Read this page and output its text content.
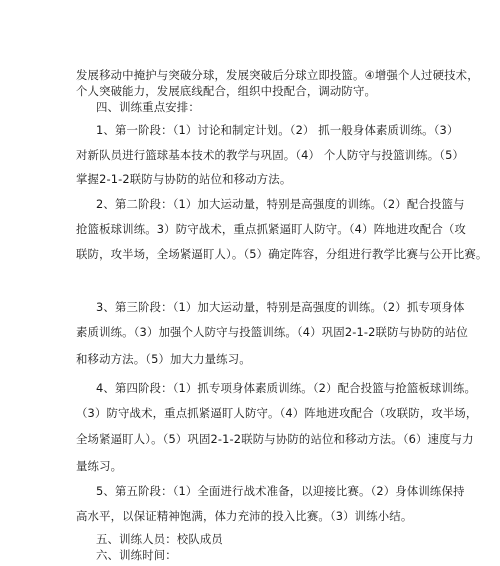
发展移动中掩护与突破分球，发展突破后分球立即投篮。④增强个人过硬技术，
个人突破能力，发展底线配合，组织中投配合，调动防守。
四、训练重点安排：
1、第一阶段：（1）讨论和制定计划。（2） 抓一般身体素质训练。（3）
对新队员进行篮球基本技术的教学与巩固。（4） 个人防守与投篮训练。（5）
掌握2-1-2联防与协防的站位和移动方法。
2、第二阶段：（1）加大运动量，特别是高强度的训练。（2）配合投篮与
抢篮板球训练。3）防守战术，重点抓紧逼盯人防守。（4）阵地进攻配合（攻
联防，攻半场，全场紧逼盯人）。（5）确定阵容，分组进行教学比赛与公开比赛。
3、第三阶段：（1）加大运动量，特别是高强度的训练。（2）抓专项身体
素质训练。（3）加强个人防守与投篮训练。（4）巩固2-1-2联防与协防的站位
和移动方法。（5）加大力量练习。
4、第四阶段：（1）抓专项身体素质训练。（2）配合投篮与抢篮板球训练。
（3）防守战术，重点抓紧逼盯人防守。（4）阵地进攻配合（攻联防，攻半场，
全场紧逼盯人）。（5）巩固2-1-2联防与协防的站位和移动方法。（6）速度与力
量练习。
5、第五阶段：（1）全面进行战术准备，以迎接比赛。（2）身体训练保持
高水平，以保证精神饱满，体力充沛的投入比赛。（3）训练小结。
五、训练人员：校队成员
六、训练时间：
